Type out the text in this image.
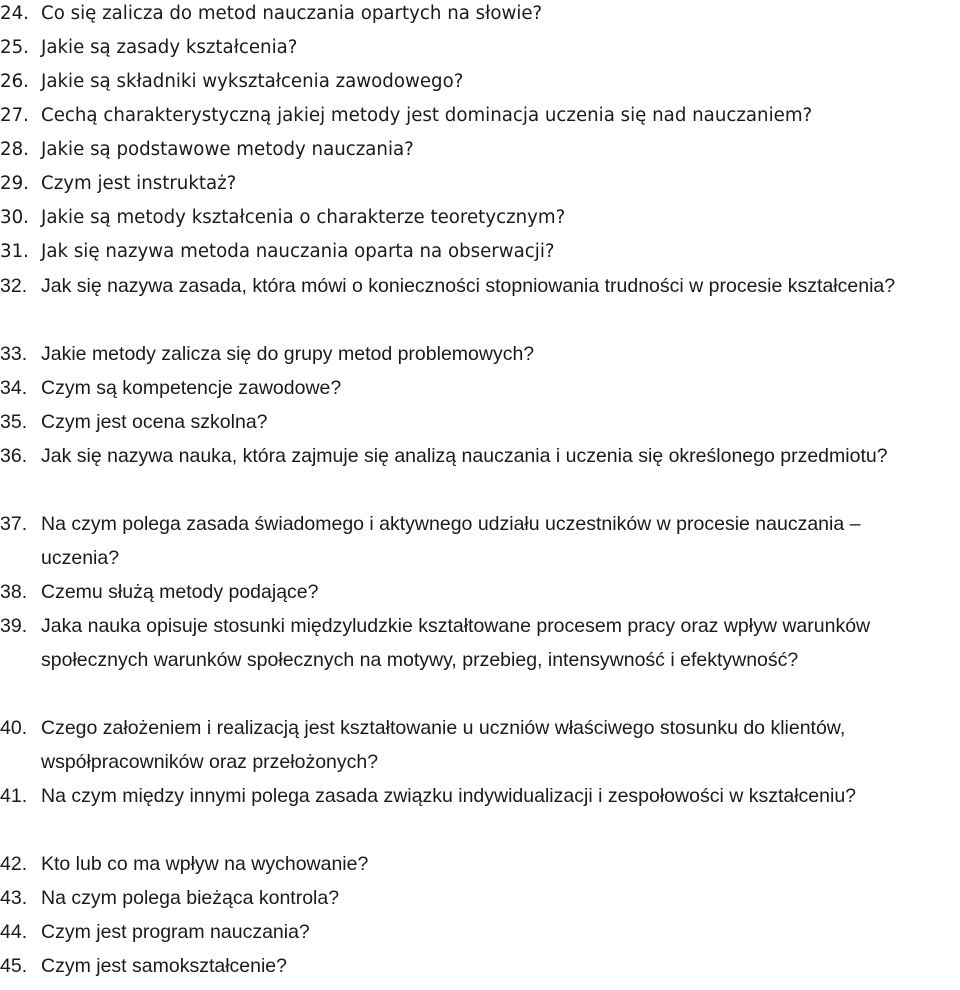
24. Co się zalicza do metod nauczania opartych na słowie?
25. Jakie są zasady kształcenia?
26. Jakie są składniki wykształcenia zawodowego?
27. Cechą charakterystyczną jakiej metody jest dominacja uczenia się nad nauczaniem?
28. Jakie są podstawowe metody nauczania?
29. Czym jest instruktaż?
30. Jakie są metody kształcenia o charakterze teoretycznym?
31. Jak się nazywa metoda nauczania oparta na obserwacji?
32. Jak się nazywa zasada, która mówi o konieczności stopniowania trudności w procesie kształcenia?
33. Jakie metody zalicza się do grupy metod problemowych?
34. Czym są kompetencje zawodowe?
35. Czym jest ocena szkolna?
36. Jak się nazywa nauka, która zajmuje się analizą nauczania i uczenia się określonego przedmiotu?
37. Na czym polega zasada świadomego i aktywnego udziału uczestników w procesie nauczania – uczenia?
38. Czemu służą metody podające?
39. Jaka nauka opisuje stosunki międzyludzkie kształtowane procesem pracy oraz wpływ warunków społecznych warunków społecznych na motywy, przebieg, intensywność i efektywność?
40. Czego założeniem i realizacją jest kształtowanie u uczniów właściwego stosunku do klientów, współpracowników oraz przełożonych?
41. Na czym między innymi polega zasada związku indywidualizacji i zespołowości w kształceniu?
42. Kto lub co ma wpływ na wychowanie?
43. Na czym polega bieżąca kontrola?
44. Czym jest program nauczania?
45. Czym jest samokształcenie?
